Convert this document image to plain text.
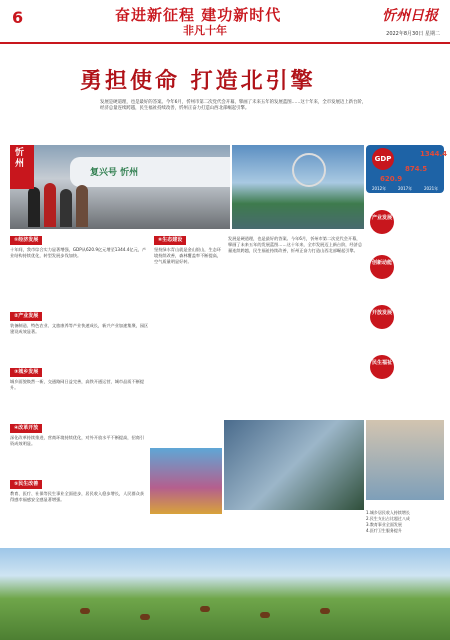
6	奋进新征程 建功新时代
非凡十年
忻州日报
2022年8月30日 星期二
勇担使命 打造北引擎
发展是硬道理，也是最好的答案。今年6月，忻州市第二次党代会开幕，擘画了未来五年的发展蓝图……这十年来，全市发展迈上新台阶，经济总量连续跨越，民生福祉持续改善，忻州正奋力打造山西北部崛起引擎。
复兴号 忻州
忻州	GDP
1344.4
874.5
620.9
2012年	2017年	2021年
①经济发展
十年间，我市综合实力显著增强，GDP从620.9亿元增至1344.4亿元，产业结构持续优化，转型发展步伐加快。
②产业发展
装备制造、特色农业、文旅康养等产业快速成长，新兴产业加速集聚，园区建设成效显著。
③城乡发展
城乡面貌焕然一新，交通路网日益完善，高铁开通运营，城市品质不断提升。
④改革开放
深化改革持续推进，营商环境持续优化，对外开放水平不断提高，招商引资成效明显。
⑤民生改善
教育、医疗、社保等民生事业全面进步，居民收入稳步增长，人民群众获得感幸福感安全感显著增强。
⑥生态建设
坚持绿水青山就是金山银山，生态环境持续改善，森林覆盖率不断提高，空气质量明显好转。
发展是硬道理，也是最好的答案。今年6月，忻州市第二次党代会开幕，擘画了未来五年的发展蓝图……这十年来，全市发展迈上新台阶，经济总量连续跨越，民生福祉持续改善，忻州正奋力打造山西北部崛起引擎。
产业发展
创新动能
开放发展
民生福祉
1.城乡居民收入持续增长
2.民生支出占比超过八成
3.教育事业全面发展
4.医疗卫生服务提升
